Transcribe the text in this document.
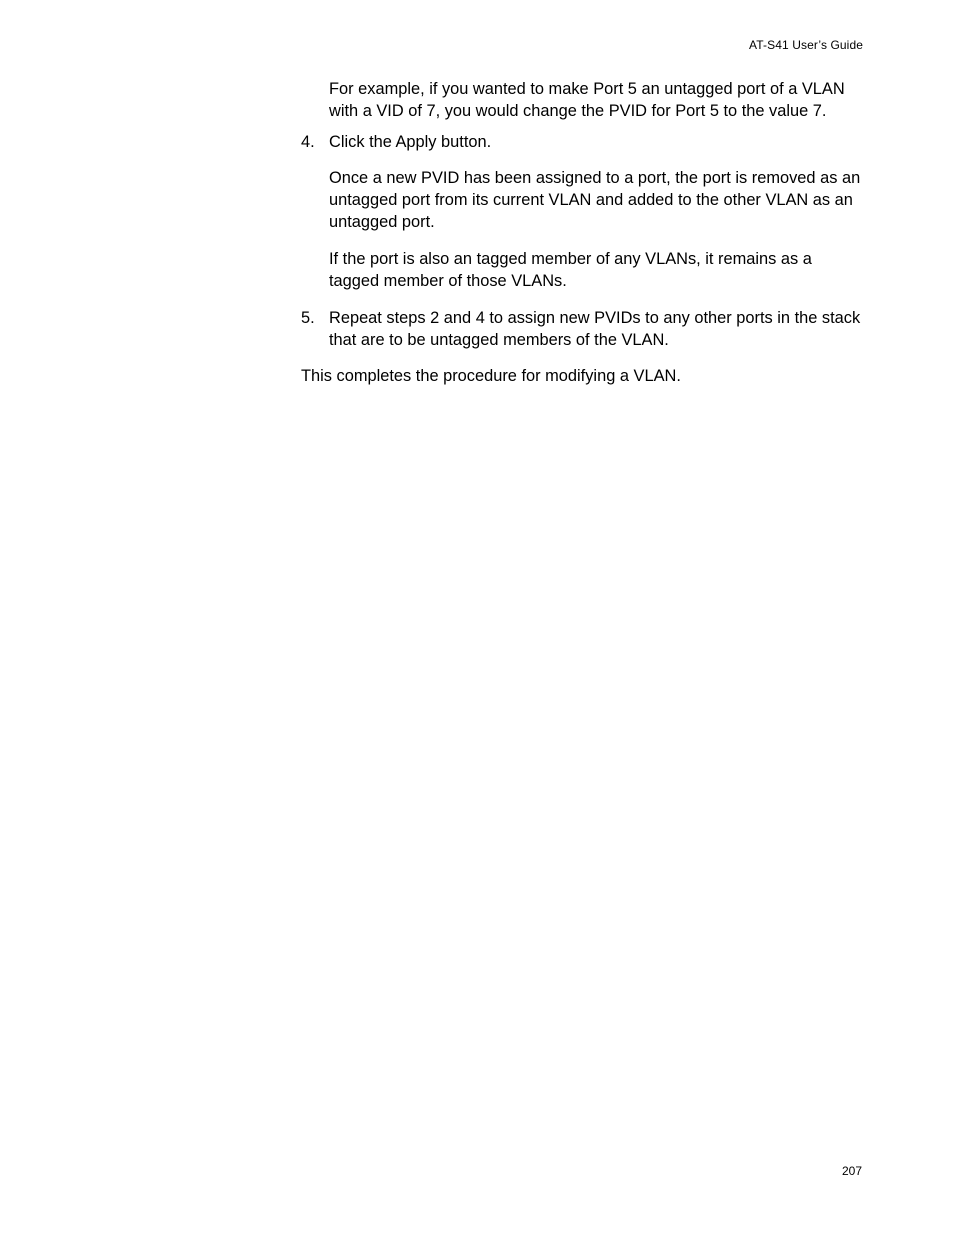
AT-S41 User’s Guide

For example, if you wanted to make Port 5 an untagged port of a VLAN with a VID of 7, you would change the PVID for Port 5 to the value 7.

4. Click the Apply button.

Once a new PVID has been assigned to a port, the port is removed as an untagged port from its current VLAN and added to the other VLAN as an untagged port.

If the port is also an tagged member of any VLANs, it remains as a tagged member of those VLANs.

5. Repeat steps 2 and 4 to assign new PVIDs to any other ports in the stack that are to be untagged members of the VLAN.

This completes the procedure for modifying a VLAN.

207
